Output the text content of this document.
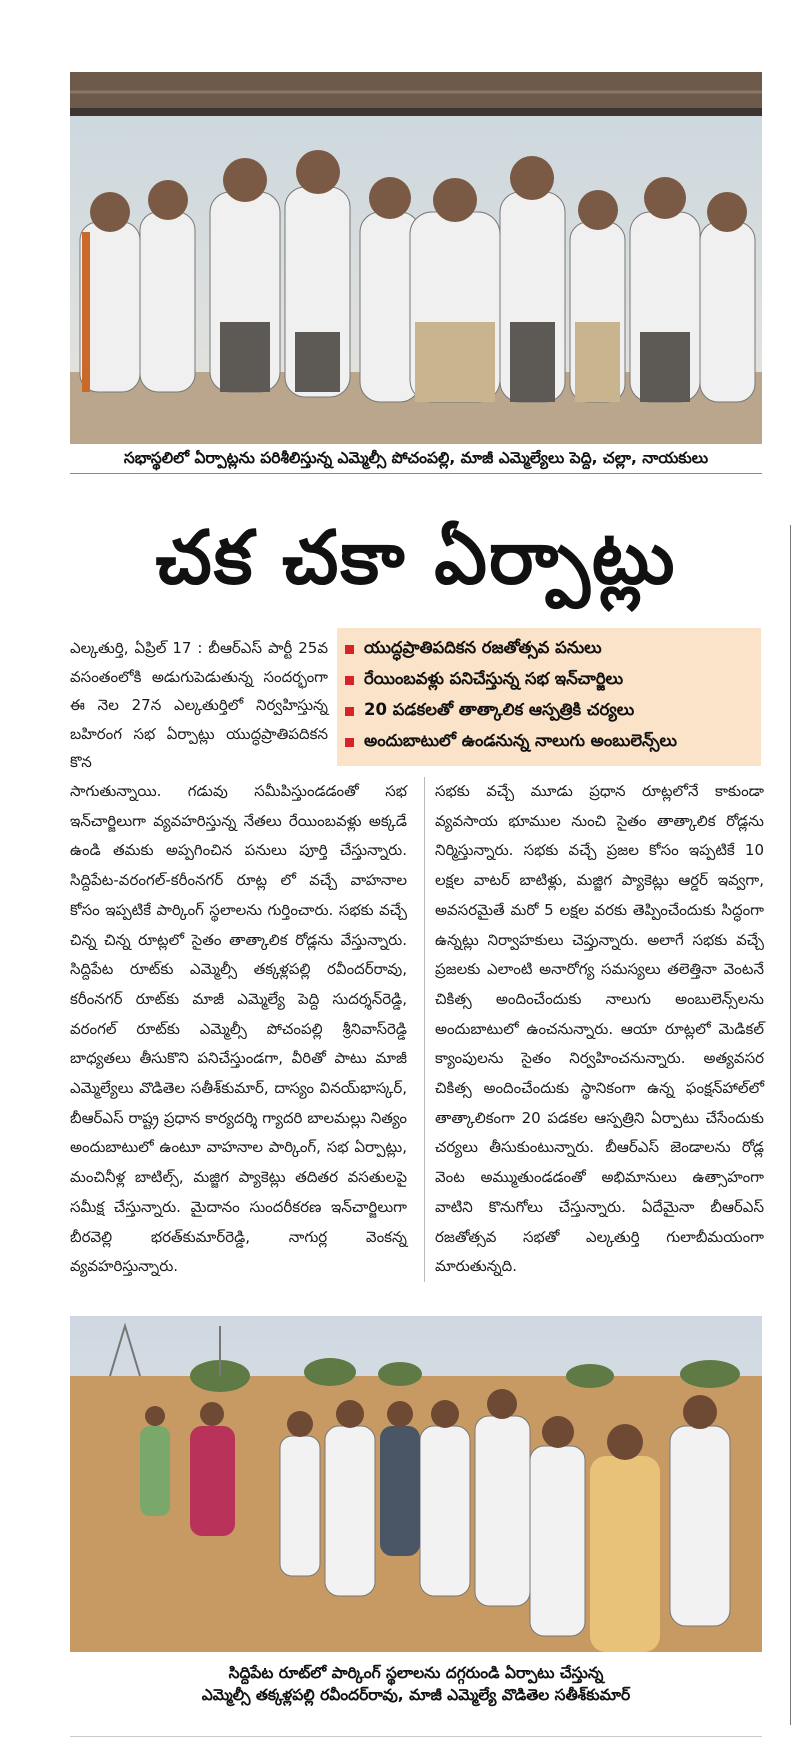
సభాస్థలిలో ఏర్పాట్లను పరిశీలిస్తున్న ఎమ్మెల్సీ పోచంపల్లి, మాజీ ఎమ్మెల్యేలు పెద్ది, చల్లా, నాయకులు
చక చకా ఏర్పాట్లు
ఎల్కతుర్తి, ఏప్రిల్ 17 : బీఆర్‌ఎస్ పార్టీ 25వ వసంతంలోకి అడుగుపెడుతున్న సందర్భంగా ఈ నెల 27న ఎల్కతుర్తిలో నిర్వహిస్తున్న బహిరంగ సభ ఏర్పాట్లు యుద్ధప్రాతిపదికన కొన
యుద్ధప్రాతిపదికన రజతోత్సవ పనులు
రేయింబవళ్లు పనిచేస్తున్న సభ ఇన్‌చార్జిలు
20 పడకలతో తాత్కాలిక ఆస్పత్రికి చర్యలు
అందుబాటులో ఉండనున్న నాలుగు అంబులెన్స్‌లు
సాగుతున్నాయి. గడువు సమీపిస్తుండడంతో సభ ఇన్‌చార్జిలుగా వ్యవహరిస్తున్న నేతలు రేయింబవళ్లు అక్కడే ఉండి తమకు అప్పగించిన పనులు పూర్తి చేస్తున్నారు. సిద్దిపేట-వరంగల్-కరీంనగర్ రూట్ల లో వచ్చే వాహనాల కోసం ఇప్పటికే పార్కింగ్ స్థలాలను గుర్తించారు. సభకు వచ్చే చిన్న చిన్న రూట్లలో సైతం తాత్కాలిక రోడ్లను వేస్తున్నారు. సిద్దిపేట రూట్‌కు ఎమ్మెల్సీ తక్కళ్లపల్లి రవీందర్‌రావు, కరీంనగర్ రూట్‌కు మాజీ ఎమ్మెల్యే పెద్ది సుదర్శన్‌రెడ్డి, వరంగల్ రూట్‌కు ఎమ్మెల్సీ పోచంపల్లి శ్రీనివాస్‌రెడ్డి బాధ్యతలు తీసుకొని పనిచేస్తుండగా, వీరితో పాటు మాజీ ఎమ్మెల్యేలు వొడితెల సతీశ్‌కుమార్, దాస్యం వినయ్‌భాస్కర్, బీఆర్‌ఎస్ రాష్ట్ర ప్రధాన కార్యదర్శి గ్యాదరి బాలమల్లు నిత్యం అందుబాటులో ఉంటూ వాహనాల పార్కింగ్, సభ ఏర్పాట్లు, మంచినీళ్ల బాటిల్స్, మజ్జిగ ప్యాకెట్లు తదితర వసతులపై సమీక్ష చేస్తున్నారు. మైదానం సుందరీకరణ ఇన్‌చార్జిలుగా బీరవెల్లి భరత్‌కుమార్‌రెడ్డి, నాగుర్ల వెంకన్న వ్యవహరిస్తున్నారు.
సభకు వచ్చే మూడు ప్రధాన రూట్లలోనే కాకుండా వ్యవసాయ భూముల నుంచి సైతం తాత్కాలిక రోడ్లను నిర్మిస్తున్నారు. సభకు వచ్చే ప్రజల కోసం ఇప్పటికే 10 లక్షల వాటర్ బాటిళ్లు, మజ్జిగ ప్యాకెట్లు ఆర్డర్ ఇవ్వగా, అవసరమైతే మరో 5 లక్షల వరకు తెప్పించేందుకు సిద్ధంగా ఉన్నట్లు నిర్వాహకులు చెప్తున్నారు. అలాగే సభకు వచ్చే ప్రజలకు ఎలాంటి అనారోగ్య సమస్యలు తలెత్తినా వెంటనే చికిత్స అందించేందుకు నాలుగు అంబులెన్స్‌లను అందుబాటులో ఉంచనున్నారు. ఆయా రూట్లలో మెడికల్ క్యాంపులను సైతం నిర్వహించనున్నారు. అత్యవసర చికిత్స అందించేందుకు స్థానికంగా ఉన్న ఫంక్షన్‌హాల్‌లో తాత్కాలికంగా 20 పడకల ఆస్పత్రిని ఏర్పాటు చేసేందుకు చర్యలు తీసుకుంటున్నారు. బీఆర్‌ఎస్ జెండాలను రోడ్ల వెంట అమ్ముతుండడంతో అభిమానులు ఉత్సాహంగా వాటిని కొనుగోలు చేస్తున్నారు. ఏదేమైనా బీఆర్‌ఎస్ రజతోత్సవ సభతో ఎల్కతుర్తి గులాబీమయంగా మారుతున్నది.
సిద్దిపేట రూట్‌లో పార్కింగ్ స్థలాలను దగ్గరుండి ఏర్పాటు చేస్తున్న
ఎమ్మెల్సీ తక్కళ్లపల్లి రవీందర్‌రావు, మాజీ ఎమ్మెల్యే వొడితెల సతీశ్‌కుమార్
